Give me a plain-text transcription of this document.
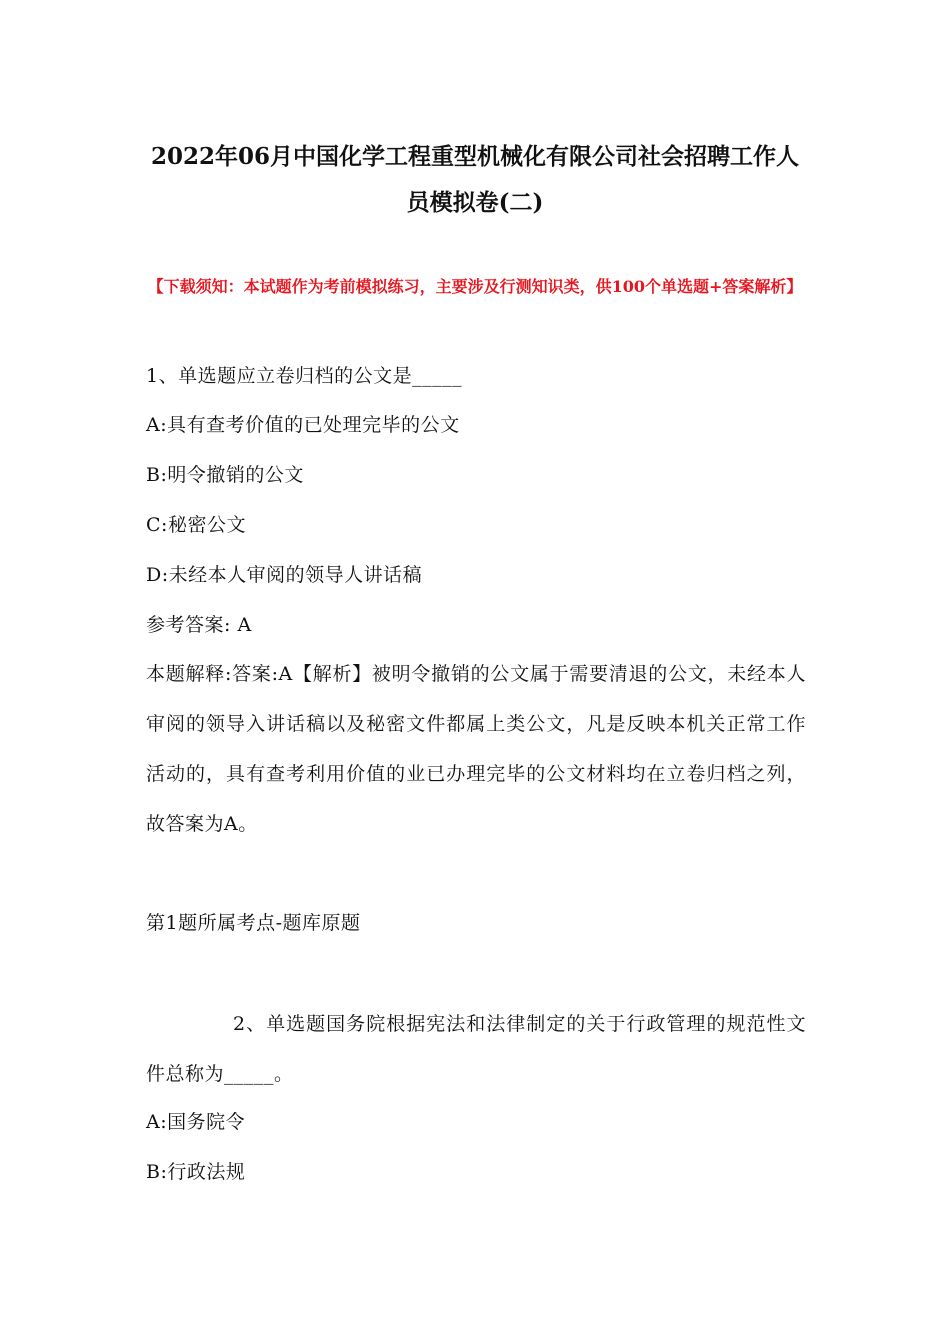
2022年06月中国化学工程重型机械化有限公司社会招聘工作人员模拟卷(二)

【下载须知：本试题作为考前模拟练习，主要涉及行测知识类，供100个单选题+答案解析】

1、单选题应立卷归档的公文是_____

A:具有查考价值的已处理完毕的公文

B:明令撤销的公文

C:秘密公文

D:未经本人审阅的领导人讲话稿

参考答案: A

本题解释:答案:A【解析】被明令撤销的公文属于需要清退的公文，未经本人审阅的领导入讲话稿以及秘密文件都属上类公文，凡是反映本机关正常工作活动的，具有查考利用价值的业已办理完毕的公文材料均在立卷归档之列，故答案为A。

第1题所属考点-题库原题

2、单选题国务院根据宪法和法律制定的关于行政管理的规范性文件总称为_____。

A:国务院令

B:行政法规
